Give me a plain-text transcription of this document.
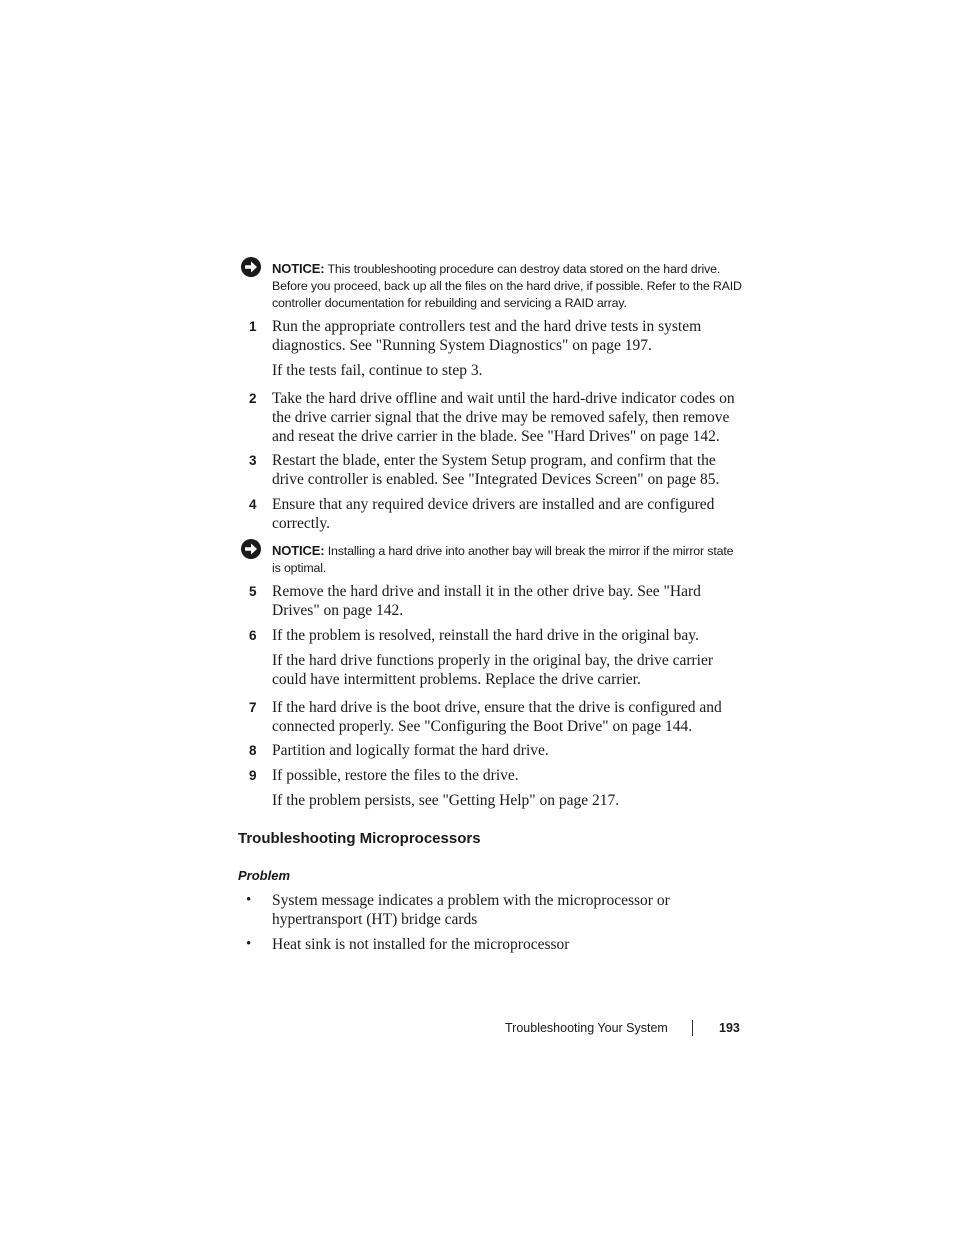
NOTICE: This troubleshooting procedure can destroy data stored on the hard drive. Before you proceed, back up all the files on the hard drive, if possible. Refer to the RAID controller documentation for rebuilding and servicing a RAID array.
1 Run the appropriate controllers test and the hard drive tests in system diagnostics. See "Running System Diagnostics" on page 197.
If the tests fail, continue to step 3.
2 Take the hard drive offline and wait until the hard-drive indicator codes on the drive carrier signal that the drive may be removed safely, then remove and reseat the drive carrier in the blade. See "Hard Drives" on page 142.
3 Restart the blade, enter the System Setup program, and confirm that the drive controller is enabled. See "Integrated Devices Screen" on page 85.
4 Ensure that any required device drivers are installed and are configured correctly.
NOTICE: Installing a hard drive into another bay will break the mirror if the mirror state is optimal.
5 Remove the hard drive and install it in the other drive bay. See "Hard Drives" on page 142.
6 If the problem is resolved, reinstall the hard drive in the original bay.
If the hard drive functions properly in the original bay, the drive carrier could have intermittent problems. Replace the drive carrier.
7 If the hard drive is the boot drive, ensure that the drive is configured and connected properly. See "Configuring the Boot Drive" on page 144.
8 Partition and logically format the hard drive.
9 If possible, restore the files to the drive.
If the problem persists, see "Getting Help" on page 217.
Troubleshooting Microprocessors
Problem
• System message indicates a problem with the microprocessor or hypertransport (HT) bridge cards
• Heat sink is not installed for the microprocessor
Troubleshooting Your System	193
